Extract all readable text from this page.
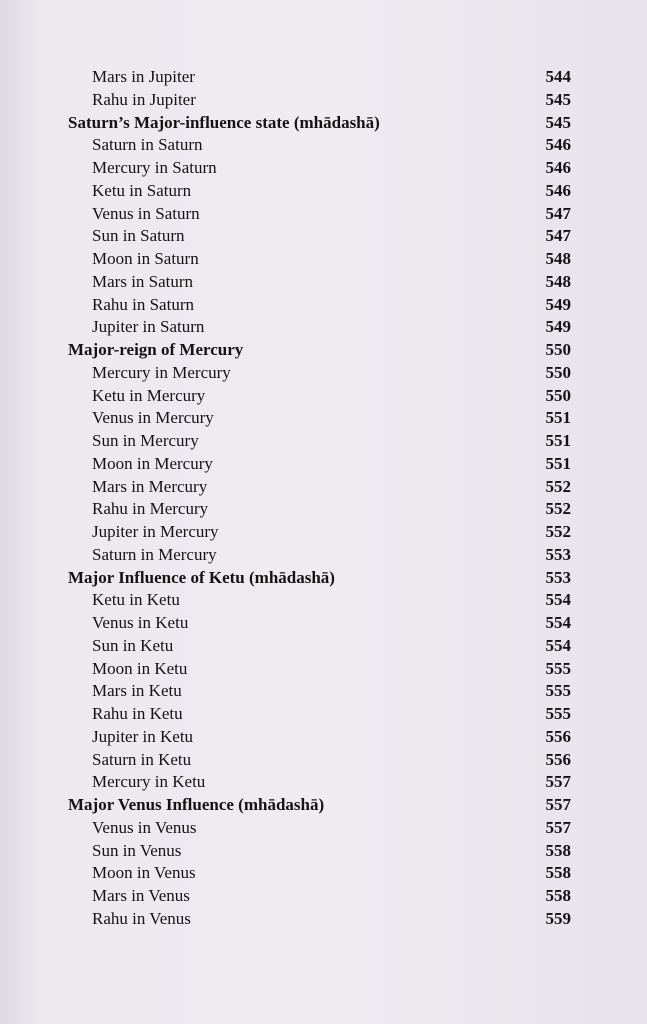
Mars in Jupiter	544
Rahu in Jupiter	545
Saturn’s Major-influence state (mhādashā)	545
Saturn in Saturn	546
Mercury in Saturn	546
Ketu in Saturn	546
Venus in Saturn	547
Sun in Saturn	547
Moon in Saturn	548
Mars in Saturn	548
Rahu in Saturn	549
Jupiter in Saturn	549
Major-reign of Mercury	550
Mercury in Mercury	550
Ketu in Mercury	550
Venus in Mercury	551
Sun in Mercury	551
Moon in Mercury	551
Mars in Mercury	552
Rahu in Mercury	552
Jupiter in Mercury	552
Saturn in Mercury	553
Major Influence of Ketu (mhādashā)	553
Ketu in Ketu	554
Venus in Ketu	554
Sun in Ketu	554
Moon in Ketu	555
Mars in Ketu	555
Rahu in Ketu	555
Jupiter in Ketu	556
Saturn in Ketu	556
Mercury in Ketu	557
Major Venus Influence (mhādashā)	557
Venus in Venus	557
Sun in Venus	558
Moon in Venus	558
Mars in Venus	558
Rahu in Venus	559
